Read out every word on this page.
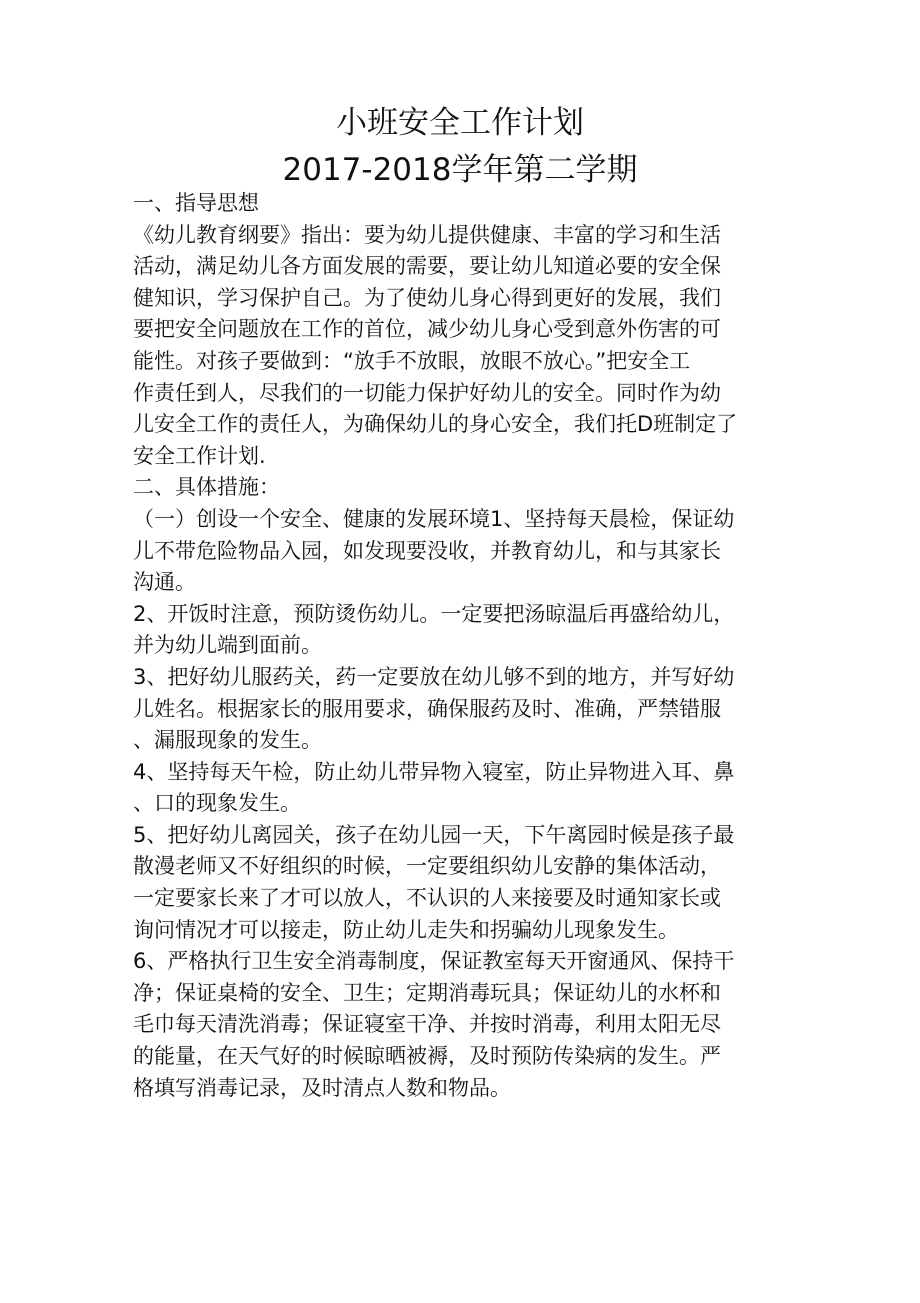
小班安全工作计划
2017-2018学年第二学期
一、指导思想
《幼儿教育纲要》指出：要为幼儿提供健康、丰富的学习和生活
活动，满足幼儿各方面发展的需要，要让幼儿知道必要的安全保
健知识，学习保护自己。为了使幼儿身心得到更好的发展，我们
要把安全问题放在工作的首位，减少幼儿身心受到意外伤害的可
能性。对孩子要做到：“放手不放眼，放眼不放心。”把安全工
作责任到人，尽我们的一切能力保护好幼儿的安全。同时作为幼
儿安全工作的责任人，为确保幼儿的身心安全，我们托D班制定了
安全工作计划.
二、具体措施：
（一）创设一个安全、健康的发展环境1、坚持每天晨检，保证幼
儿不带危险物品入园，如发现要没收，并教育幼儿，和与其家长
沟通。
2、开饭时注意，预防烫伤幼儿。一定要把汤晾温后再盛给幼儿，
并为幼儿端到面前。
3、把好幼儿服药关，药一定要放在幼儿够不到的地方，并写好幼
儿姓名。根据家长的服用要求，确保服药及时、准确，严禁错服
、漏服现象的发生。
4、坚持每天午检，防止幼儿带异物入寝室，防止异物进入耳、鼻
、口的现象发生。
5、把好幼儿离园关，孩子在幼儿园一天，下午离园时候是孩子最
散漫老师又不好组织的时候，一定要组织幼儿安静的集体活动，
一定要家长来了才可以放人，不认识的人来接要及时通知家长或
询问情况才可以接走，防止幼儿走失和拐骗幼儿现象发生。
6、严格执行卫生安全消毒制度，保证教室每天开窗通风、保持干
净；保证桌椅的安全、卫生；定期消毒玩具；保证幼儿的水杯和
毛巾每天清洗消毒；保证寝室干净、并按时消毒，利用太阳无尽
的能量，在天气好的时候晾晒被褥，及时预防传染病的发生。严
格填写消毒记录，及时清点人数和物品。
